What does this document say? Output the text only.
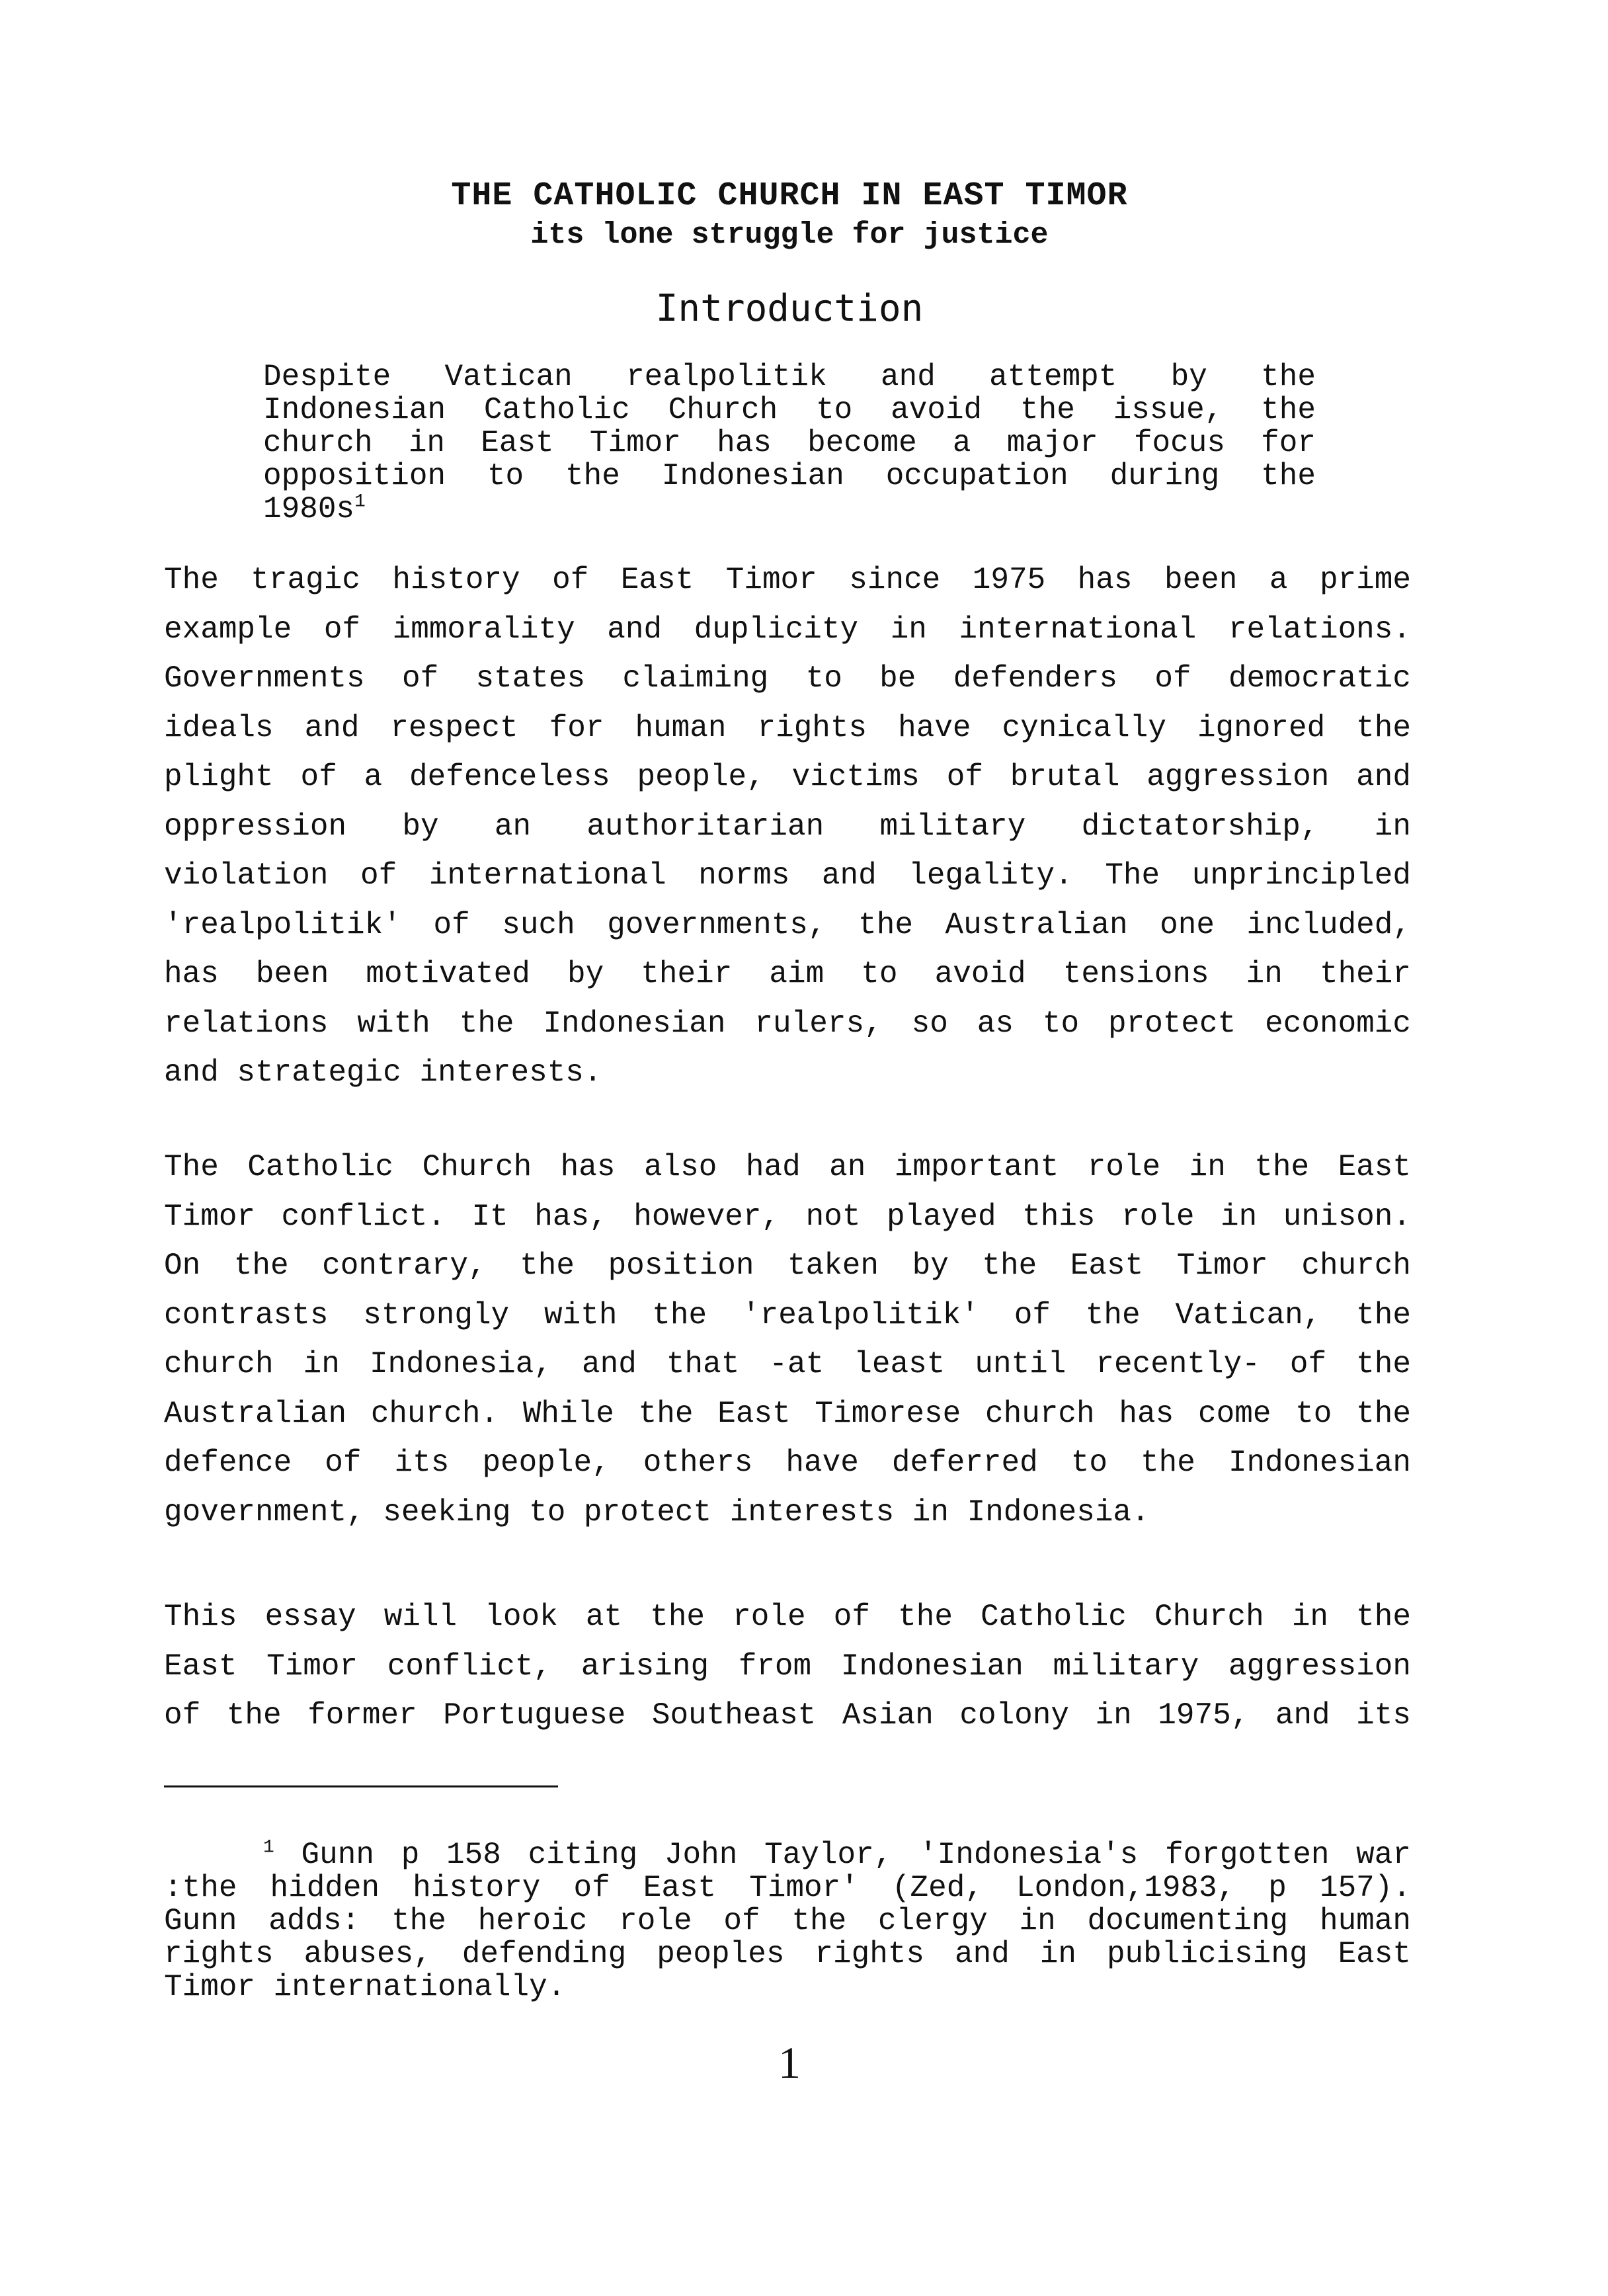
THE CATHOLIC CHURCH IN EAST TIMOR
its lone struggle for justice
Introduction
Despite Vatican realpolitik and attempt by the
Indonesian Catholic Church to avoid the issue, the
church in East Timor has become a major focus for
opposition to the Indonesian occupation during the
$1980s^1$
The tragic history of East Timor since 1975 has been a prime
example of immorality and duplicity in international relations.
Governments of states claiming to be defenders of democratic
ideals and respect for human rights have cynically ignored the
plight of a defenceless people, victims of brutal aggression and
oppression by an authoritarian military dictatorship, in
violation of international norms and legality. The unprincipled
'realpolitik' of such governments, the Australian one included,
has been motivated by their aim to avoid tensions in their
relations with the Indonesian rulers, so as to protect economic
and strategic interests.
The Catholic Church has also had an important role in the East
Timor conflict. It has, however, not played this role in unison.
On the contrary, the position taken by the East Timor church
contrasts strongly with the 'realpolitik' of the Vatican, the
church in Indonesia, and that -at least until recently- of the
Australian church. While the East Timorese church has come to the
defence of its people, others have deferred to the Indonesian
government, seeking to protect interests in Indonesia.
This essay will look at the role of the Catholic Church in the
East Timor conflict, arising from Indonesian military aggression
of the former Portuguese Southeast Asian colony in 1975, and its
$^1$ Gunn p 158 citing John Taylor, 'Indonesia's forgotten war
:the hidden history of East Timor' (Zed, London,1983, p 157).
Gunn adds: the heroic role of the clergy in documenting human
rights abuses, defending peoples rights and in publicising East
Timor internationally.
1
